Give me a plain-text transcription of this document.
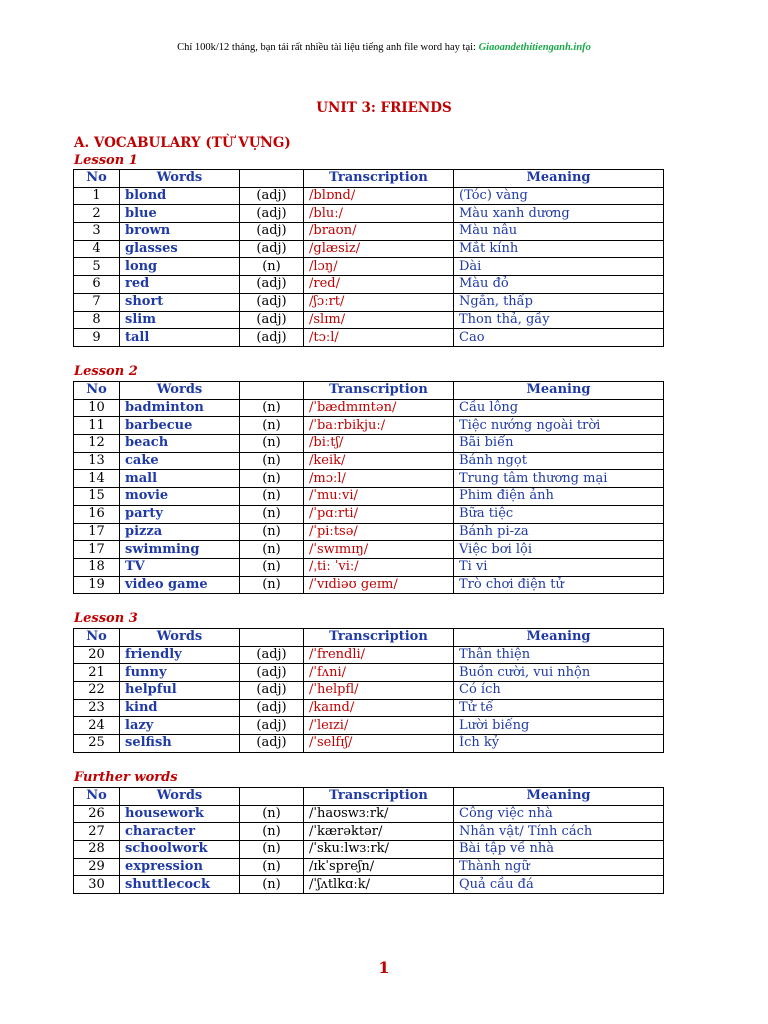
Chỉ 100k/12 tháng, bạn tải rất nhiều tài liệu tiếng anh file word hay tại: Giaoandethitienganh.info
UNIT 3: FRIENDS
A. VOCABULARY (TỪ VỰNG)
Lesson 1
No	Words		Transcription	Meaning
1	blond	(adj)	/blɒnd/	(Tóc) vàng
2	blue	(adj)	/bluː/	Màu xanh dương
3	brown	(adj)	/braʊn/	Màu nâu
4	glasses	(adj)	/glæsiz/	Mắt kính
5	long	(n)	/lɔŋ/	Dài
6	red	(adj)	/red/	Màu đỏ
7	short	(adj)	/ʃɔːrt/	Ngắn, thấp
8	slim	(adj)	/slɪm/	Thon thả, gầy
9	tall	(adj)	/tɔːl/	Cao
Lesson 2
No	Words		Transcription	Meaning
10	badminton	(n)	/ˈbædmɪntən/	Cầu lông
11	barbecue	(n)	/ˈbaːrbikjuː/	Tiệc nướng ngoài trời
12	beach	(n)	/biːtʃ/	Bãi biển
13	cake	(n)	/keik/	Bánh ngọt
14	mall	(n)	/mɔːl/	Trung tâm thương mại
15	movie	(n)	/ˈmuːvi/	Phim điện ảnh
16	party	(n)	/ˈpɑːrti/	Bữa tiệc
17	pizza	(n)	/ˈpiːtsə/	Bánh pi-za
17	swimming	(n)	/ˈswɪmɪŋ/	Việc bơi lội
18	TV	(n)	/ˌtiː ˈviː/	Ti vi
19	video game	(n)	/ˈvɪdiəʊ geɪm/	Trò chơi điện tử
Lesson 3
No	Words		Transcription	Meaning
20	friendly	(adj)	/ˈfrendli/	Thân thiện
21	funny	(adj)	/ˈfʌni/	Buồn cười, vui nhộn
22	helpful	(adj)	/ˈhelpfl/	Có ích
23	kind	(adj)	/kaɪnd/	Tử tế
24	lazy	(adj)	/ˈleɪzi/	Lười biếng
25	selfish	(adj)	/ˈselfɪʃ/	Ích kỷ
Further words
No	Words		Transcription	Meaning
26	housework	(n)	/ˈhaʊswɜːrk/	Công việc nhà
27	character	(n)	/ˈkærəktər/	Nhân vật/ Tính cách
28	schoolwork	(n)	/ˈskuːlwɜːrk/	Bài tập về nhà
29	expression	(n)	/ɪkˈspreʃn/	Thành ngữ
30	shuttlecock	(n)	/ˈʃʌtlkɑːk/	Quả cầu đá
1
